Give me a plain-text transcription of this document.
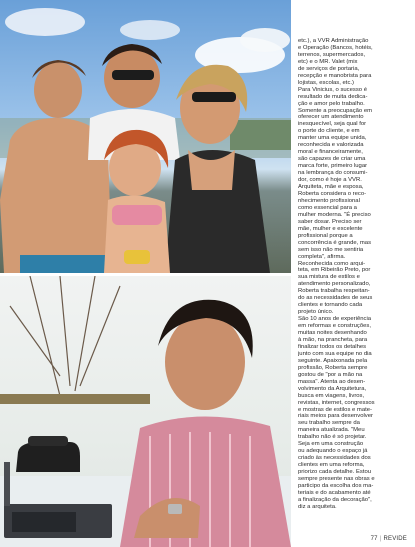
etc.), a VVR Administração
e Operação (Bancos, hotéis,
terrenos, supermercados,
etc) e o MR. Valet (mix
de serviços de portaria,
recepção e manobrista para
lojistas, escolas, etc.)
Para Vinicius, o sucesso é
resultado de muita dedica-
ção e amor pelo trabalho.
Somente a preocupação em
oferecer um atendimento
inesquecível, seja qual for
o porte do cliente, e em
manter uma equipe unida,
reconhecida e valorizada
moral e financeiramente,
são capazes de criar uma
marca forte, primeiro lugar
na lembrança do consumi-
dor, como é hoje a VVR.
Arquiteta, mãe e esposa,
Roberta considera o reco-
nhecimento profissional
como essencial para a
mulher moderna. "É preciso
saber dosar. Preciso ser
mãe, mulher e excelente
profissional porque a
concorrência é grande, mas
sem isso não me sentiria
completa", afirma.
Reconhecida como arqui-
teta, em Ribeirão Preto, por
sua mistura de estilos e
atendimento personalizado,
Roberta trabalha respeitan-
do as necessidades de seus
clientes e tornando cada
projeto único.
São 10 anos de experiência
em reformas e construções,
muitas noites desenhando
à mão, na prancheta, para
finalizar todos os detalhes
junto com sua equipe no dia
seguinte. Apaixonada pela
profissão, Roberta sempre
gostou de "por a mão na
massa". Atenta ao desen-
volvimento da Arquitetura,
busca em viagens, livros,
revistas, internet, congressos
e mostras de estilos e mate-
riais meios para desenvolver
seu trabalho sempre da
maneira atualizada. "Meu
trabalho não é só projetar.
Seja em uma construção
ou adequando o espaço já
criado às necessidades dos
clientes em uma reforma,
priorizo cada detalhe. Estou
sempre presente nas obras e
participo da escolha dos ma-
teriais e do acabamento até
a finalização da decoração",
diz a arquiteta.
77 | REVIDE
